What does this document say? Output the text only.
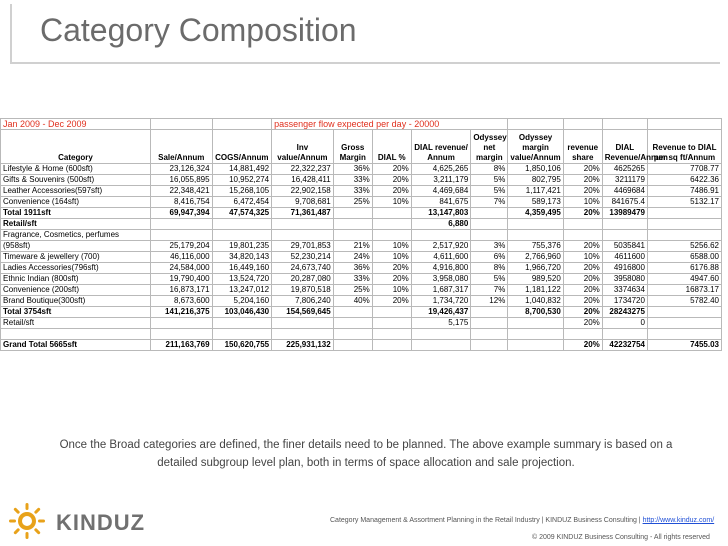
Category Composition
Jan 2009 - Dec 2009			passenger flow expected per day - 20000								
Category	Sale/Annum	COGS/Annum	Inv value/Annum	Gross Margin	DIAL %	DIAL revenue/ Annum	Odyssey net margin	Odyssey margin value/Annum	revenue share	DIAL Revenue/Annum	Revenue to DIAL per sq ft/Annum
Lifestyle & Home (600sft)	23,126,324	14,881,492	22,322,237	36%	20%	4,625,265	8%	1,850,106	20%	4625265	7708.77
Gifts & Souvenirs (500sft)	16,055,895	10,952,274	16,428,411	33%	20%	3,211,179	5%	802,795	20%	3211179	6422.36
Leather Accessories(597sft)	22,348,421	15,268,105	22,902,158	33%	20%	4,469,684	5%	1,117,421	20%	4469684	7486.91
Convenience (164sft)	8,416,754	6,472,454	9,708,681	25%	10%	841,675	7%	589,173	10%	841675.4	5132.17
Total 1911sft	69,947,394	47,574,325	71,361,487			13,147,803		4,359,495	20%	13989479	
Retail/sft						6,880					
Fragrance, Cosmetics, perfumes											
(958sft)	25,179,204	19,801,235	29,701,853	21%	10%	2,517,920	3%	755,376	20%	5035841	5256.62
Timeware & jewellery (700)	46,116,000	34,820,143	52,230,214	24%	10%	4,611,600	6%	2,766,960	10%	4611600	6588.00
Ladies Accessories(796sft)	24,584,000	16,449,160	24,673,740	36%	20%	4,916,800	8%	1,966,720	20%	4916800	6176.88
Ethnic Indian (800sft)	19,790,400	13,524,720	20,287,080	33%	20%	3,958,080	5%	989,520	20%	3958080	4947.60
Convenience (200sft)	16,873,171	13,247,012	19,870,518	25%	10%	1,687,317	7%	1,181,122	20%	3374634	16873.17
Brand Boutique(300sft)	8,673,600	5,204,160	7,806,240	40%	20%	1,734,720	12%	1,040,832	20%	1734720	5782.40
Total 3754sft	141,216,375	103,046,430	154,569,645			19,426,437		8,700,530	20%	28243275	
Retail/sft						5,175			20%	0	

Grand Total 5665sft	211,163,769	150,620,755	225,931,132						20%	42232754	7455.03
Once the Broad categories are defined, the finer details need to be planned. The above example summary is based on a detailed subgroup level plan, both in terms of space allocation and sale projection.
KINDUZ	Category Management & Assortment Planning in the Retail Industry | KINDUZ Business Consulting | http://www.kinduz.com/
© 2009 KINDUZ Business Consulting - All rights reserved
